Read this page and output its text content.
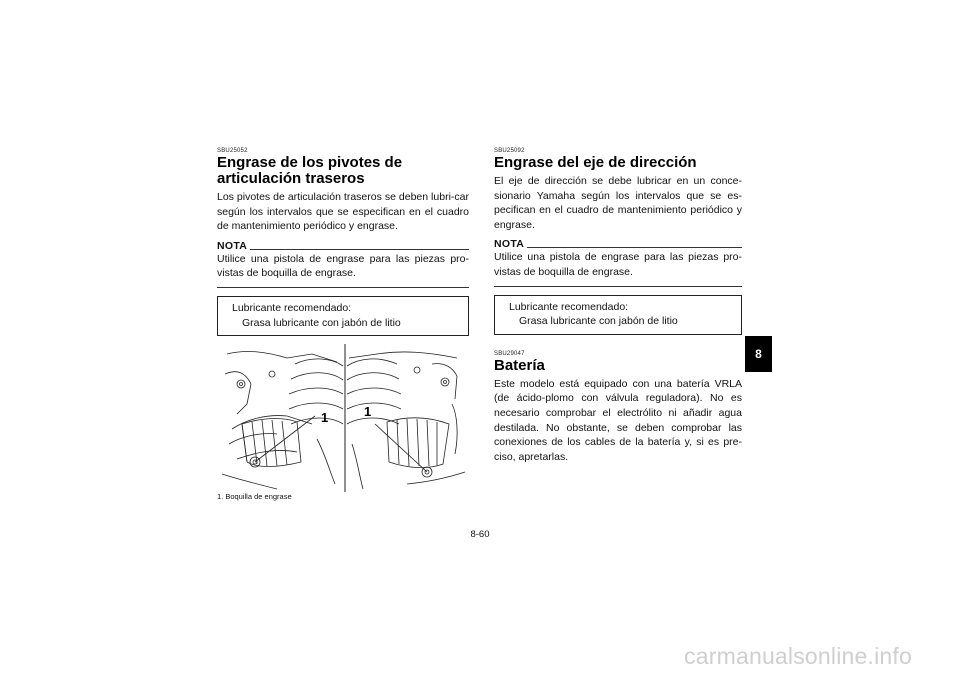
SBU25052
Engrase de los pivotes de articulación traseros

Los pivotes de articulación traseros se deben lubri-car según los intervalos que se especifican en el cuadro de mantenimiento periódico y engrase.

NOTA

Utilice una pistola de engrase para las piezas pro-vistas de boquilla de engrase.

Lubricante recomendado:
Grasa lubricante con jabón de litio
1	1
1. Boquilla de engrase
SBU25092
Engrase del eje de dirección

El eje de dirección se debe lubricar en un conce-sionario Yamaha según los intervalos que se es-pecifican en el cuadro de mantenimiento periódico y engrase.

NOTA

Utilice una pistola de engrase para las piezas pro-vistas de boquilla de engrase.

Lubricante recomendado:
Grasa lubricante con jabón de litio
SBU29047
Batería

Este modelo está equipado con una batería VRLA (de ácido-plomo con válvula reguladora). No es necesario comprobar el electrólito ni añadir agua destilada. No obstante, se deben comprobar las conexiones de los cables de la batería y, si es pre-ciso, apretarlas.

8
8-60
carmanualsonline.info
